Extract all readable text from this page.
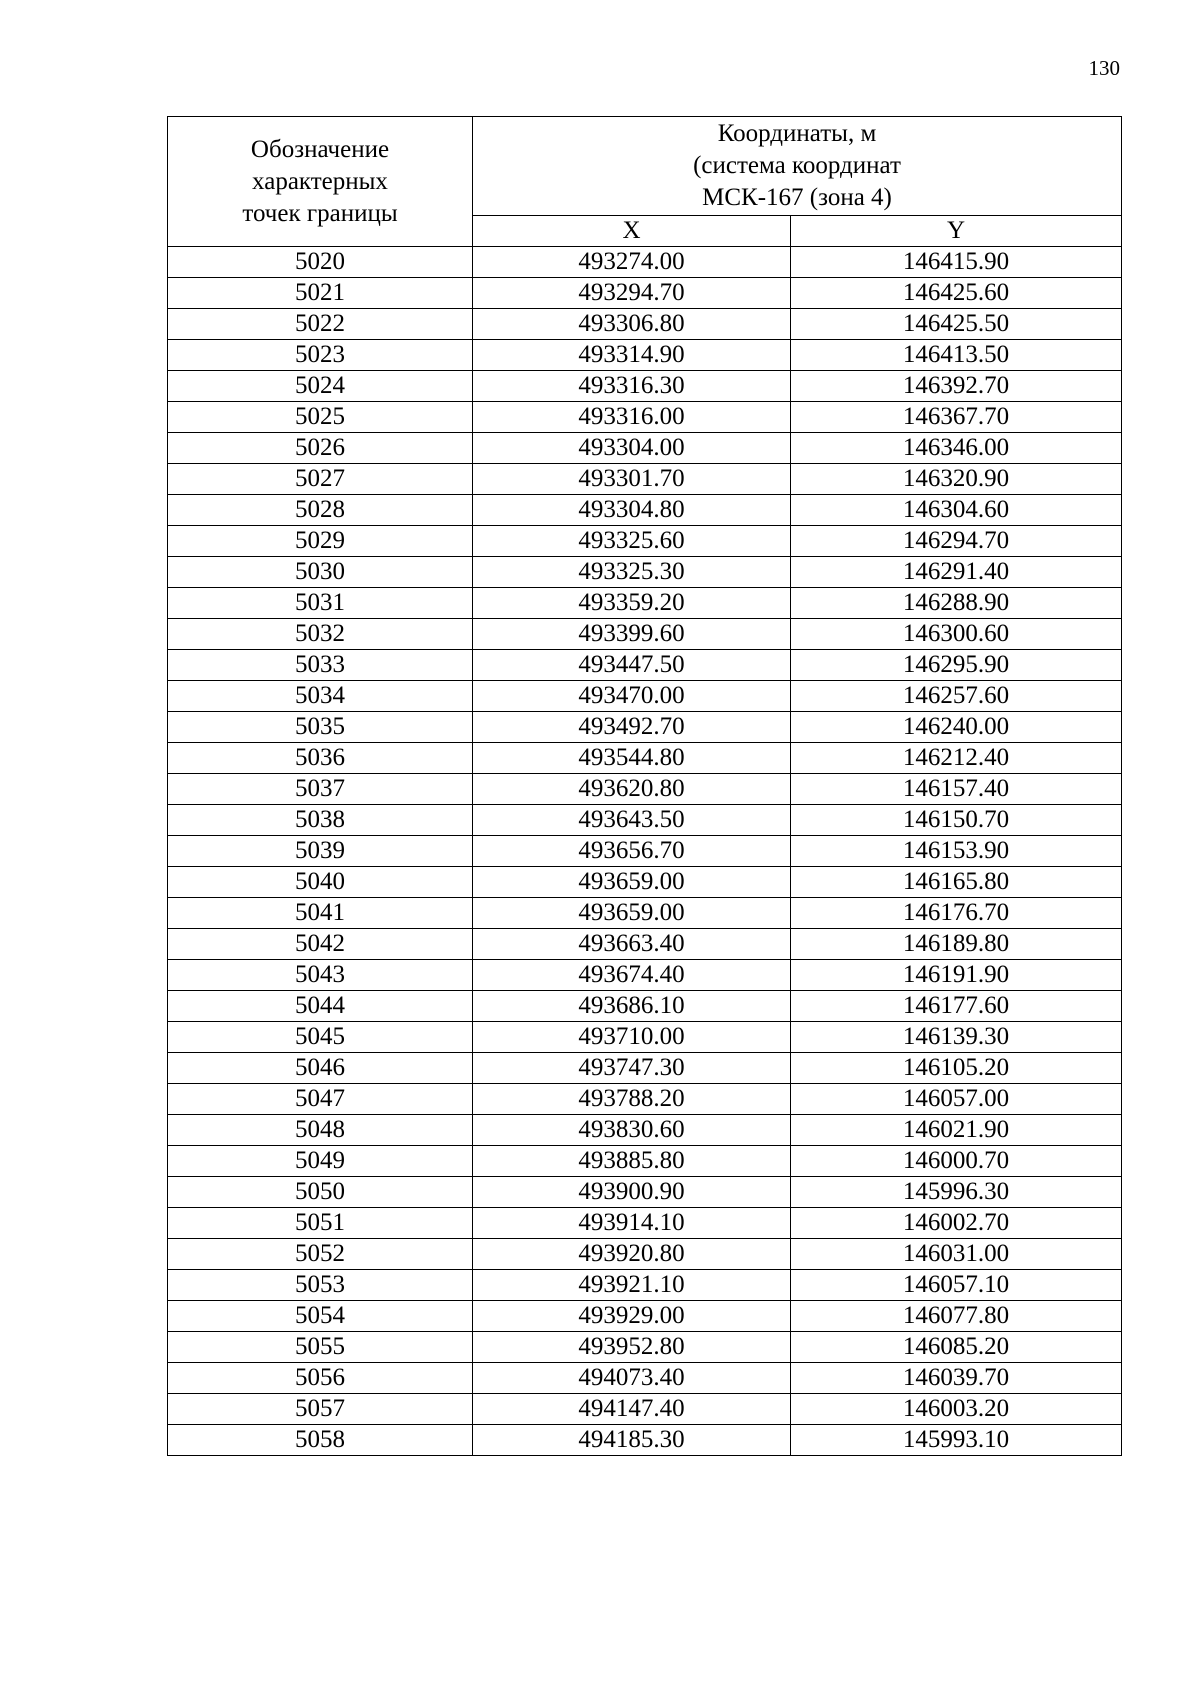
130
Обозначение
характерных
точек границы	Координаты, м
(система координат
МСК-167 (зона 4)	

	X	Y
5020	493274.00	146415.90
5021	493294.70	146425.60
5022	493306.80	146425.50
5023	493314.90	146413.50
5024	493316.30	146392.70
5025	493316.00	146367.70
5026	493304.00	146346.00
5027	493301.70	146320.90
5028	493304.80	146304.60
5029	493325.60	146294.70
5030	493325.30	146291.40
5031	493359.20	146288.90
5032	493399.60	146300.60
5033	493447.50	146295.90
5034	493470.00	146257.60
5035	493492.70	146240.00
5036	493544.80	146212.40
5037	493620.80	146157.40
5038	493643.50	146150.70
5039	493656.70	146153.90
5040	493659.00	146165.80
5041	493659.00	146176.70
5042	493663.40	146189.80
5043	493674.40	146191.90
5044	493686.10	146177.60
5045	493710.00	146139.30
5046	493747.30	146105.20
5047	493788.20	146057.00
5048	493830.60	146021.90
5049	493885.80	146000.70
5050	493900.90	145996.30
5051	493914.10	146002.70
5052	493920.80	146031.00
5053	493921.10	146057.10
5054	493929.00	146077.80
5055	493952.80	146085.20
5056	494073.40	146039.70
5057	494147.40	146003.20
5058	494185.30	145993.10
